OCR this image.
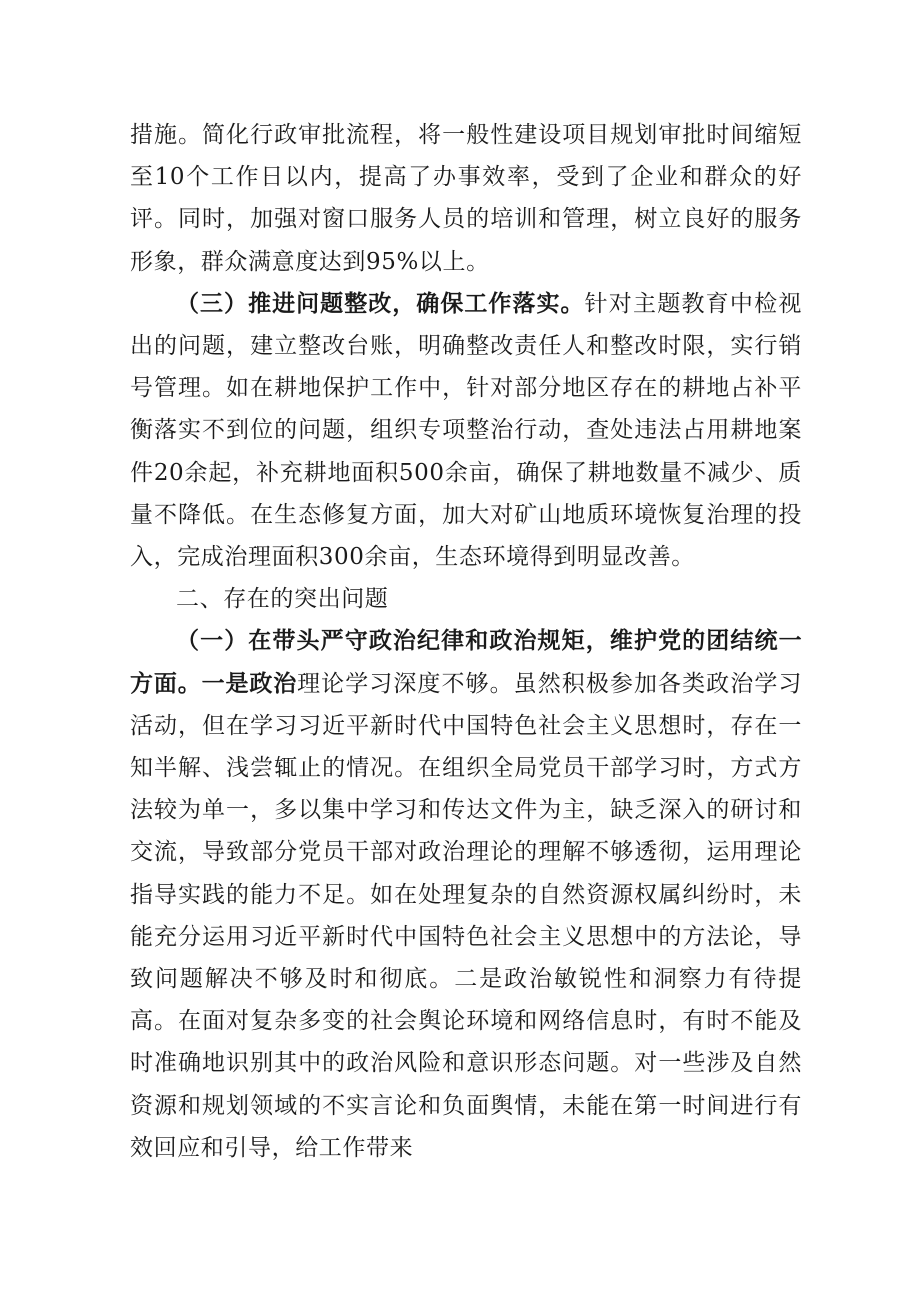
措施。简化行政审批流程，将一般性建设项目规划审批时间缩短至10个工作日以内，提高了办事效率，受到了企业和群众的好评。同时，加强对窗口服务人员的培训和管理，树立良好的服务形象，群众满意度达到95%以上。

（三）推进问题整改，确保工作落实。针对主题教育中检视出的问题，建立整改台账，明确整改责任人和整改时限，实行销号管理。如在耕地保护工作中，针对部分地区存在的耕地占补平衡落实不到位的问题，组织专项整治行动，查处违法占用耕地案件20余起，补充耕地面积500余亩，确保了耕地数量不减少、质量不降低。在生态修复方面，加大对矿山地质环境恢复治理的投入，完成治理面积300余亩，生态环境得到明显改善。

二、存在的突出问题

（一）在带头严守政治纪律和政治规矩，维护党的团结统一方面。一是政治理论学习深度不够。虽然积极参加各类政治学习活动，但在学习习近平新时代中国特色社会主义思想时，存在一知半解、浅尝辄止的情况。在组织全局党员干部学习时，方式方法较为单一，多以集中学习和传达文件为主，缺乏深入的研讨和交流，导致部分党员干部对政治理论的理解不够透彻，运用理论指导实践的能力不足。如在处理复杂的自然资源权属纠纷时，未能充分运用习近平新时代中国特色社会主义思想中的方法论，导致问题解决不够及时和彻底。二是政治敏锐性和洞察力有待提高。在面对复杂多变的社会舆论环境和网络信息时，有时不能及时准确地识别其中的政治风险和意识形态问题。对一些涉及自然资源和规划领域的不实言论和负面舆情，未能在第一时间进行有效回应和引导，给工作带来
